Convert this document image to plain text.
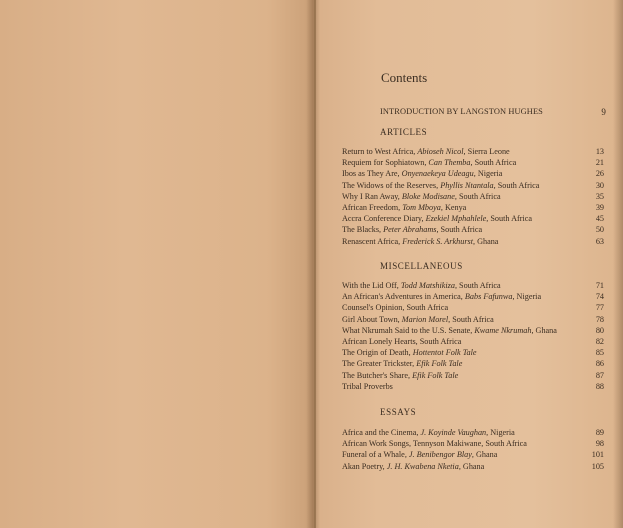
Contents
INTRODUCTION BY LANGSTON HUGHES	9
ARTICLES
Return to West Africa, Abioseh Nicol, Sierra Leone	13
Requiem for Sophiatown, Can Themba, South Africa	21
Ibos as They Are, Onyenaekeya Udeagu, Nigeria	26
The Widows of the Reserves, Phyllis Ntantala, South Africa	30
Why I Ran Away, Bloke Modisane, South Africa	35
African Freedom, Tom Mboya, Kenya	39
Accra Conference Diary, Ezekiel Mphahlele, South Africa	45
The Blacks, Peter Abrahams, South Africa	50
Renascent Africa, Frederick S. Arkhurst, Ghana	63
MISCELLANEOUS
With the Lid Off, Todd Matshikiza, South Africa	71
An African's Adventures in America, Babs Fafunwa, Nigeria	74
Counsel's Opinion, South Africa	77
Girl About Town, Marion Morel, South Africa	78
What Nkrumah Said to the U.S. Senate, Kwame Nkrumah, Ghana	80
African Lonely Hearts, South Africa	82
The Origin of Death, Hottentot Folk Tale	85
The Greater Trickster, Efik Folk Tale	86
The Butcher's Share, Efik Folk Tale	87
Tribal Proverbs	88
ESSAYS
Africa and the Cinema, J. Koyinde Vaughan, Nigeria	89
African Work Songs, Tennyson Makiwane, South Africa	98
Funeral of a Whale, J. Benibengor Blay, Ghana	101
Akan Poetry, J. H. Kwabena Nketia, Ghana	105
